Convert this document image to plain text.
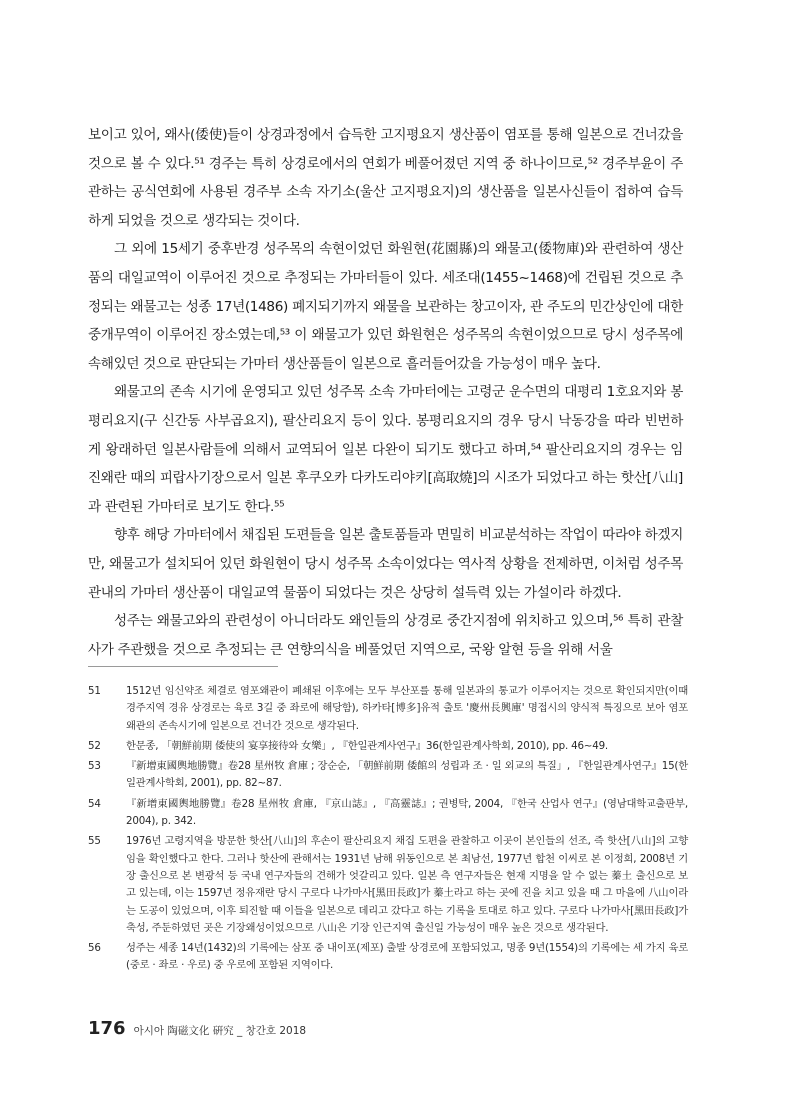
보이고 있어, 왜사(倭使)들이 상경과정에서 습득한 고지평요지 생산품이 염포를 통해 일본으로 건너갔을 것으로 볼 수 있다.⁵¹ 경주는 특히 상경로에서의 연회가 베풀어졌던 지역 중 하나이므로,⁵² 경주부윤이 주관하는 공식연회에 사용된 경주부 소속 자기소(울산 고지평요지)의 생산품을 일본사신들이 접하여 습득하게 되었을 것으로 생각되는 것이다.

그 외에 15세기 중후반경 성주목의 속현이었던 화원현(花園縣)의 왜물고(倭物庫)와 관련하여 생산품의 대일교역이 이루어진 것으로 추정되는 가마터들이 있다. 세조대(1455~1468)에 건립된 것으로 추정되는 왜물고는 성종 17년(1486) 폐지되기까지 왜물을 보관하는 창고이자, 관 주도의 민간상인에 대한 중개무역이 이루어진 장소였는데,⁵³ 이 왜물고가 있던 화원현은 성주목의 속현이었으므로 당시 성주목에 속해있던 것으로 판단되는 가마터 생산품들이 일본으로 흘러들어갔을 가능성이 매우 높다.

왜물고의 존속 시기에 운영되고 있던 성주목 소속 가마터에는 고령군 운수면의 대평리 1호요지와 봉평리요지(구 신간동 사부곱요지), 팔산리요지 등이 있다. 봉평리요지의 경우 당시 낙동강을 따라 빈번하게 왕래하던 일본사람들에 의해서 교역되어 일본 다완이 되기도 했다고 하며,⁵⁴ 팔산리요지의 경우는 임진왜란 때의 피랍사기장으로서 일본 후쿠오카 다카도리야키[高取燒]의 시조가 되었다고 하는 핫산[八山]과 관련된 가마터로 보기도 한다.⁵⁵

향후 해당 가마터에서 채집된 도편들을 일본 출토품들과 면밀히 비교분석하는 작업이 따라야 하겠지만, 왜물고가 설치되어 있던 화원현이 당시 성주목 소속이었다는 역사적 상황을 전제하면, 이처럼 성주목 관내의 가마터 생산품이 대일교역 물품이 되었다는 것은 상당히 설득력 있는 가설이라 하겠다.

성주는 왜물고와의 관련성이 아니더라도 왜인들의 상경로 중간지점에 위치하고 있으며,⁵⁶ 특히 관찰사가 주관했을 것으로 추정되는 큰 연향의식을 베풀었던 지역으로, 국왕 알현 등을 위해 서울

51	1512년 임신약조 체결로 염포왜관이 폐쇄된 이후에는 모두 부산포를 통해 일본과의 통교가 이루어지는 것으로 확인되지만(이때 경주지역 경유 상경로는 육로 3길 중 좌로에 해당함), 하카타[博多]유적 출토 '慶州長興庫' 명접시의 양식적 특징으로 보아 염포왜관의 존속시기에 일본으로 건너간 것으로 생각된다.
52	한문종, 「朝鮮前期 倭使의 宴享接待와 女樂」, 『한일관계사연구』36(한일관계사학회, 2010), pp. 46~49.
53	『新增東國輿地勝覽』卷28 星州牧 倉庫 ; 장순순, 「朝鮮前期 倭館의 성립과 조 · 일 외교의 특질」, 『한일관계사연구』15(한일관계사학회, 2001), pp. 82~87.
54	『新增東國輿地勝覽』卷28 星州牧 倉庫, 『京山誌』, 『高靈誌』; 권병탁, 2004, 『한국 산업사 연구』(영남대학교출판부, 2004), p. 342.
55	1976년 고령지역을 방문한 핫산[八山]의 후손이 팔산리요지 채집 도편을 관찰하고 이곳이 본인들의 선조, 즉 핫산[八山]의 고향임을 확인했다고 한다. 그러나 핫산에 관해서는 1931년 남해 위동인으로 본 최남선, 1977년 합천 이씨로 본 이정희, 2008년 기장 출신으로 본 변광석 등 국내 연구자들의 견해가 엇갈리고 있다. 일본 측 연구자들은 현재 지명을 알 수 없는 蓁土 출신으로 보고 있는데, 이는 1597년 정유재란 당시 구로다 나가마사[黑田長政]가 蓁土라고 하는 곳에 진을 치고 있을 때 그 마을에 八山이라는 도공이 있었으며, 이후 퇴진할 때 이들을 일본으로 데리고 갔다고 하는 기록을 토대로 하고 있다. 구로다 나가마사[黑田長政]가 축성, 주둔하였던 곳은 기장왜성이었으므로 八山은 기장 인근지역 출신일 가능성이 매우 높은 것으로 생각된다.
56	성주는 세종 14년(1432)의 기록에는 삼포 중 내이포(제포) 출발 상경로에 포함되었고, 명종 9년(1554)의 기록에는 세 가지 육로(중로 · 좌로 · 우로) 중 우로에 포함된 지역이다.
176 아시아 陶磁文化 硏究 _ 창간호 2018
